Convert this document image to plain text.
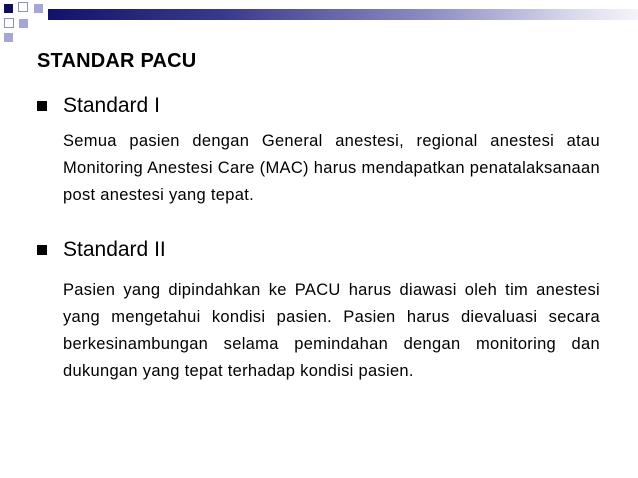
STANDAR PACU

Standard I

Semua pasien dengan General anestesi, regional anestesi atau Monitoring Anestesi Care (MAC) harus mendapatkan penatalaksanaan post anestesi yang tepat.

Standard II

Pasien yang dipindahkan ke PACU harus diawasi oleh tim anestesi yang mengetahui kondisi pasien. Pasien harus dievaluasi secara berkesinambungan selama pemindahan dengan monitoring dan dukungan yang tepat terhadap kondisi pasien.
